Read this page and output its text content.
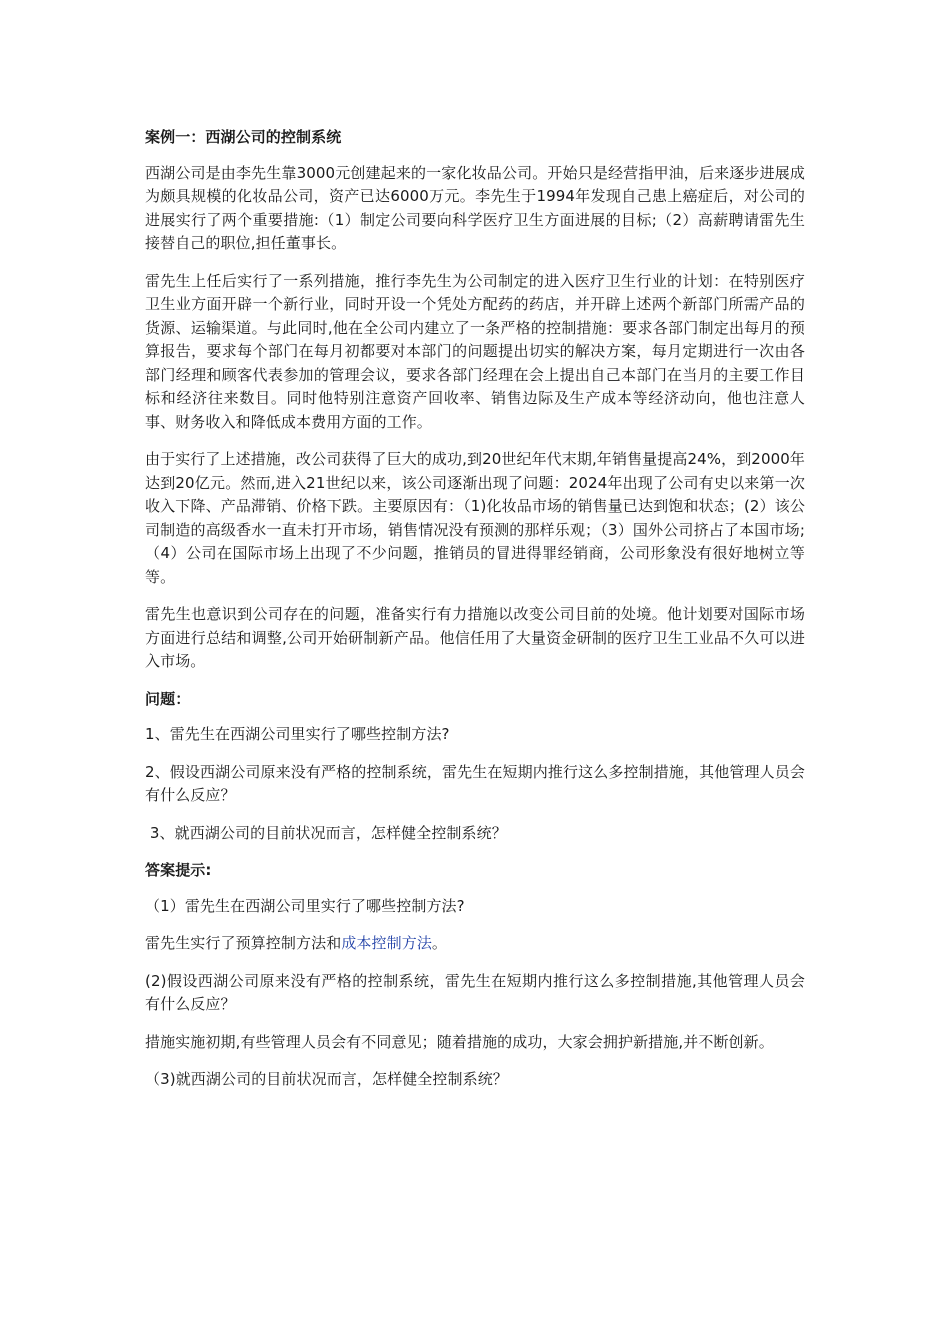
案例一：西湖公司的控制系统

西湖公司是由李先生靠3000元创建起来的一家化妆品公司。开始只是经营指甲油，后来逐步进展成为颇具规模的化妆品公司，资产已达6000万元。李先生于1994年发现自己患上癌症后，对公司的进展实行了两个重要措施:（1）制定公司要向科学医疗卫生方面进展的目标;（2）高薪聘请雷先生接替自己的职位,担任董事长。

雷先生上任后实行了一系列措施，推行李先生为公司制定的进入医疗卫生行业的计划：在特别医疗卫生业方面开辟一个新行业，同时开设一个凭处方配药的药店，并开辟上述两个新部门所需产品的货源、运输渠道。与此同时,他在全公司内建立了一条严格的控制措施：要求各部门制定出每月的预算报告，要求每个部门在每月初都要对本部门的问题提出切实的解决方案，每月定期进行一次由各部门经理和顾客代表参加的管理会议，要求各部门经理在会上提出自己本部门在当月的主要工作目标和经济往来数目。同时他特别注意资产回收率、销售边际及生产成本等经济动向，他也注意人事、财务收入和降低成本费用方面的工作。

由于实行了上述措施，改公司获得了巨大的成功,到20世纪年代末期,年销售量提高24%，到2000年达到20亿元。然而,进入21世纪以来，该公司逐渐出现了问题：2024年出现了公司有史以来第一次收入下降、产品滞销、价格下跌。主要原因有：（1)化妆品市场的销售量已达到饱和状态；(2）该公司制造的高级香水一直未打开市场，销售情况没有预测的那样乐观；（3）国外公司挤占了本国市场;（4）公司在国际市场上出现了不少问题，推销员的冒进得罪经销商，公司形象没有很好地树立等等。

雷先生也意识到公司存在的问题，准备实行有力措施以改变公司目前的处境。他计划要对国际市场方面进行总结和调整,公司开始研制新产品。他信任用了大量资金研制的医疗卫生工业品不久可以进入市场。

问题：

1、雷先生在西湖公司里实行了哪些控制方法?

2、假设西湖公司原来没有严格的控制系统，雷先生在短期内推行这么多控制措施，其他管理人员会有什么反应？

3、就西湖公司的目前状况而言，怎样健全控制系统？

答案提示:

（1）雷先生在西湖公司里实行了哪些控制方法?

雷先生实行了预算控制方法和成本控制方法。

(2)假设西湖公司原来没有严格的控制系统，雷先生在短期内推行这么多控制措施,其他管理人员会有什么反应？

措施实施初期,有些管理人员会有不同意见；随着措施的成功，大家会拥护新措施,并不断创新。

（3)就西湖公司的目前状况而言，怎样健全控制系统？
